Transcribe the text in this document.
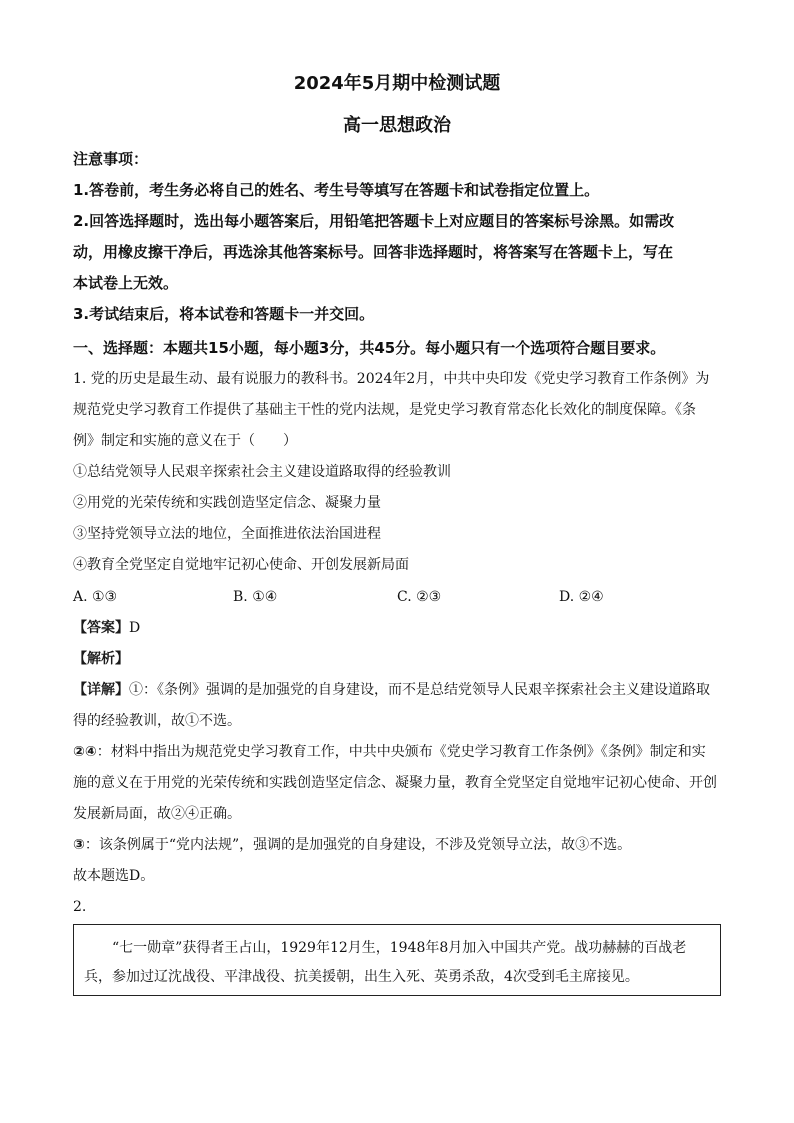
2024年5月期中检测试题
高一思想政治
注意事项：
1.答卷前，考生务必将自己的姓名、考生号等填写在答题卡和试卷指定位置上。
2.回答选择题时，选出每小题答案后，用铅笔把答题卡上对应题目的答案标号涂黑。如需改
动，用橡皮擦干净后，再选涂其他答案标号。回答非选择题时，将答案写在答题卡上，写在
本试卷上无效。
3.考试结束后，将本试卷和答题卡一并交回。
一、选择题：本题共15小题，每小题3分，共45分。每小题只有一个选项符合题目要求。
1. 党的历史是最生动、最有说服力的教科书。2024年2月，中共中央印发《党史学习教育工作条例》为
规范党史学习教育工作提供了基础主干性的党内法规，是党史学习教育常态化长效化的制度保障。《条
例》制定和实施的意义在于（　　）
①总结党领导人民艰辛探索社会主义建设道路取得的经验教训
②用党的光荣传统和实践创造坚定信念、凝聚力量
③坚持党领导立法的地位，全面推进依法治国进程
④教育全党坚定自觉地牢记初心使命、开创发展新局面
A. ①③	B. ①④	C. ②③	D. ②④
【答案】D
【解析】
【详解】①：《条例》强调的是加强党的自身建设，而不是总结党领导人民艰辛探索社会主义建设道路取
得的经验教训，故①不选。
②④：材料中指出为规范党史学习教育工作，中共中央颁布《党史学习教育工作条例》《条例》制定和实
施的意义在于用党的光荣传统和实践创造坚定信念、凝聚力量，教育全党坚定自觉地牢记初心使命、开创
发展新局面，故②④正确。
③：该条例属于“党内法规”，强调的是加强党的自身建设，不涉及党领导立法，故③不选。
故本题选D。
2.
　　“七一勋章”获得者王占山，1929年12月生，1948年8月加入中国共产党。战功赫赫的百战老
兵，参加过辽沈战役、平津战役、抗美援朝，出生入死、英勇杀敌，4次受到毛主席接见。
